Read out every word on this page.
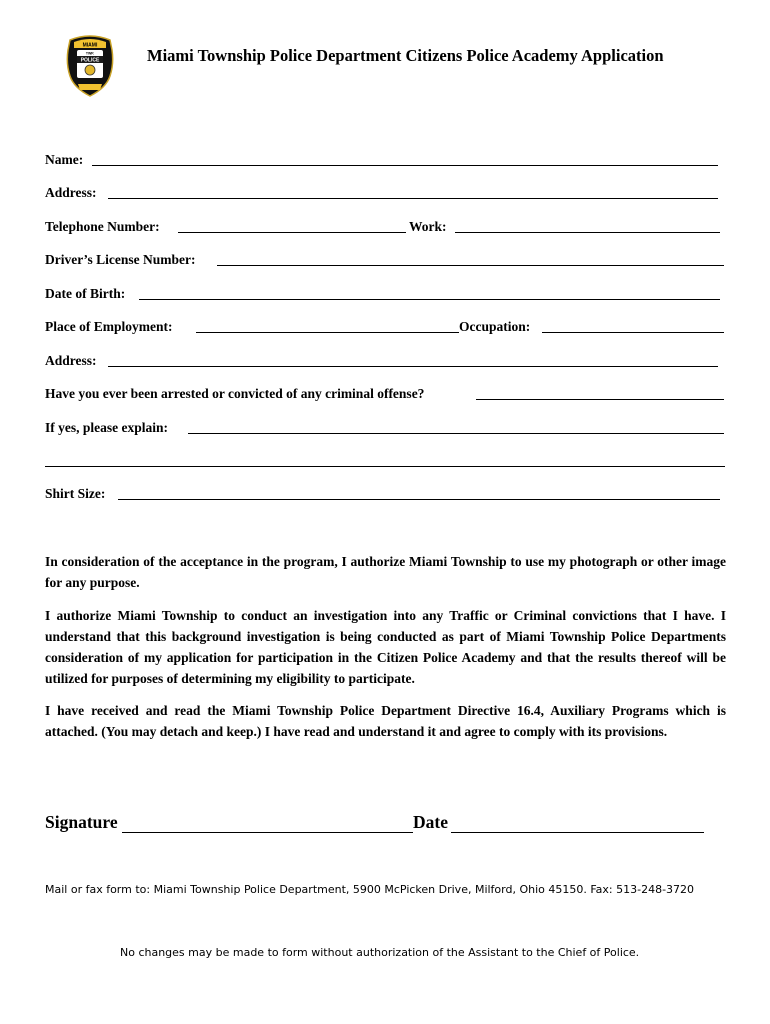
MIAMI
TWP.
POLICE	Miami Township Police Department Citizens Police Academy Application
Name:
Address:
Telephone Number:	Work:
Driver’s License Number:
Date of Birth:
Place of Employment:	Occupation:
Address:
Have you ever been arrested or convicted of any criminal offense?
If yes, please explain:
Shirt Size:
In consideration of the acceptance in the program, I authorize Miami Township to use my photograph or other image for any purpose.
I authorize Miami Township to conduct an investigation into any Traffic or Criminal convictions that I have. I understand that this background investigation is being conducted as part of Miami Township Police Departments consideration of my application for participation in the Citizen Police Academy and that the results thereof will be utilized for purposes of determining my eligibility to participate.
I have received and read the Miami Township Police Department Directive 16.4, Auxiliary Programs which is attached. (You may detach and keep.) I have read and understand it and agree to comply with its provisions.
Signature	Date
Mail or fax form to: Miami Township Police Department, 5900 McPicken Drive, Milford, Ohio 45150. Fax: 513-248-3720
No changes may be made to form without authorization of the Assistant to the Chief of Police.
